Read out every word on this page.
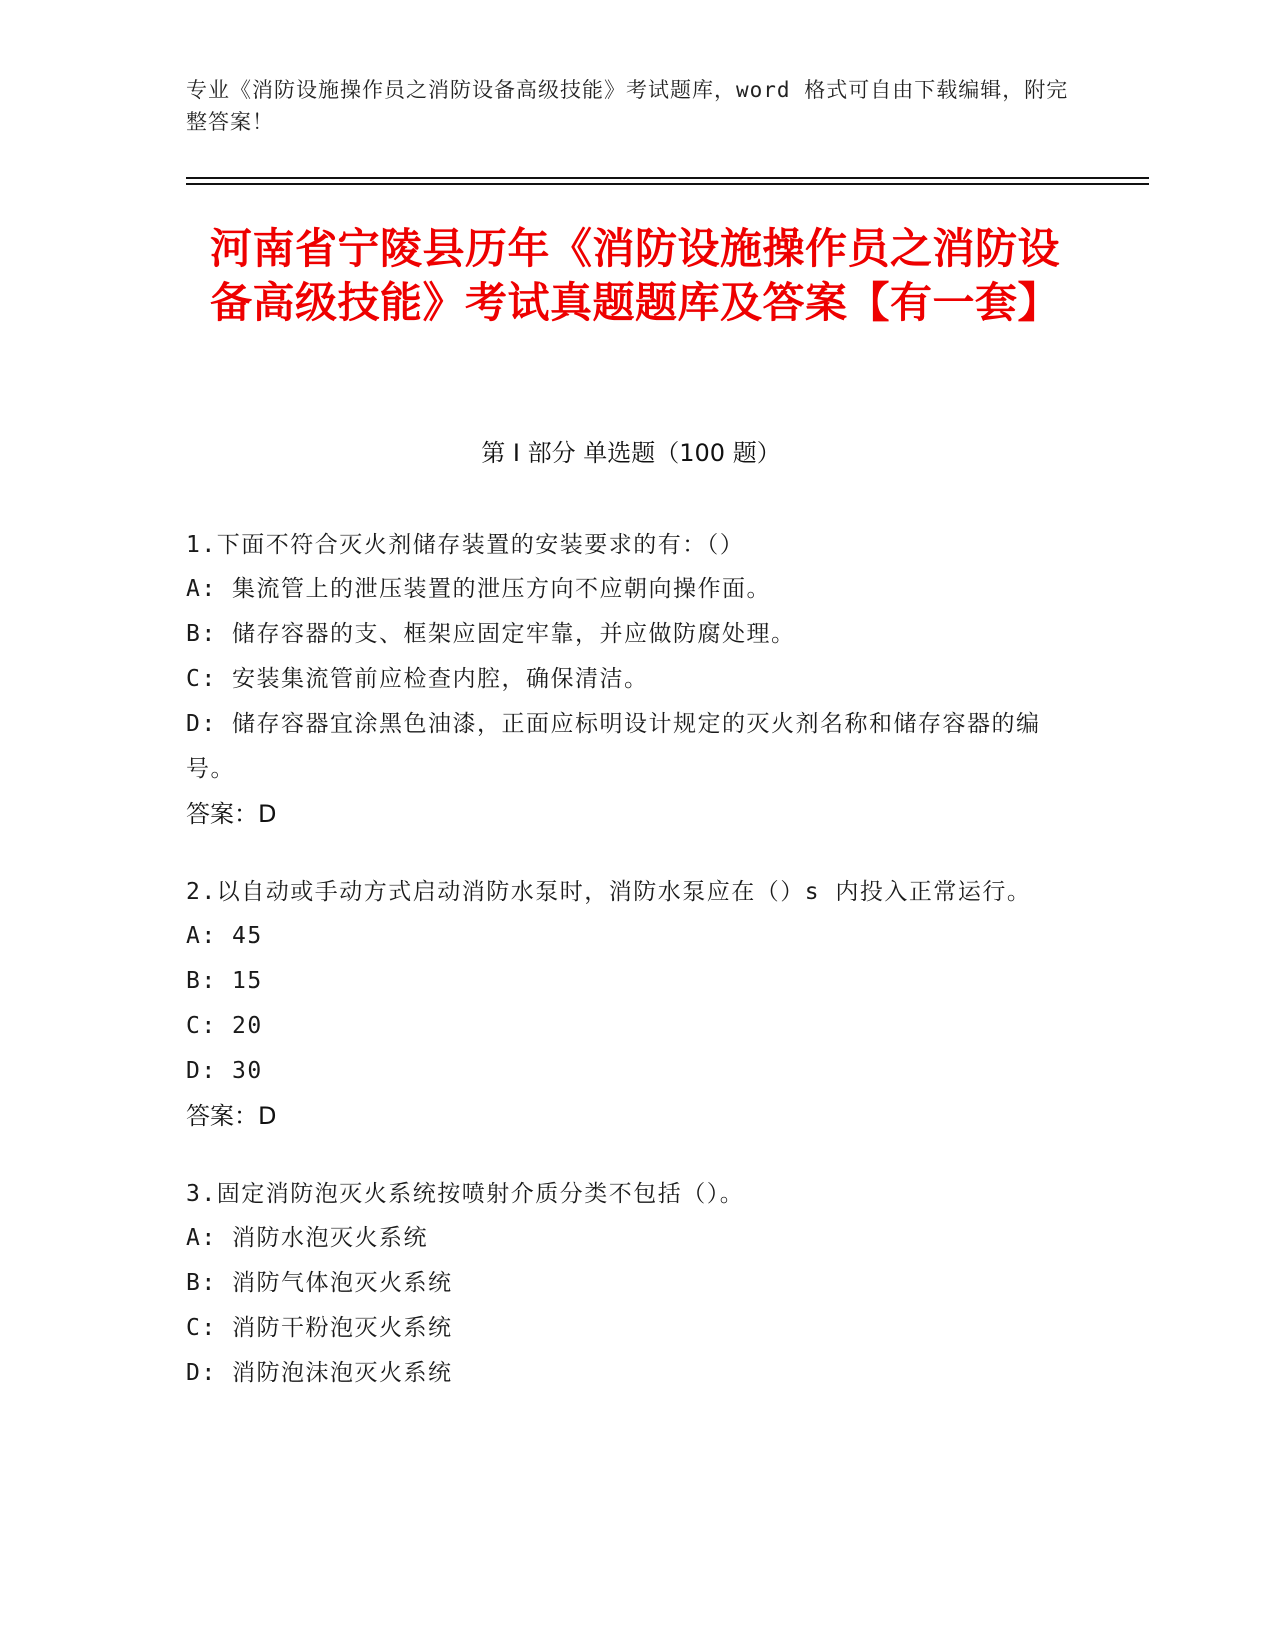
专业《消防设施操作员之消防设备高级技能》考试题库，word 格式可自由下载编辑，附完整答案！
河南省宁陵县历年《消防设施操作员之消防设备高级技能》考试真题题库及答案【有一套】
第 I 部分 单选题（100 题）

1.下面不符合灭火剂储存装置的安装要求的有：（）

A: 集流管上的泄压装置的泄压方向不应朝向操作面。

B: 储存容器的支、框架应固定牢靠，并应做防腐处理。

C: 安装集流管前应检查内腔，确保清洁。

D: 储存容器宜涂黑色油漆，正面应标明设计规定的灭火剂名称和储存容器的编号。

答案：D

2.以自动或手动方式启动消防水泵时，消防水泵应在（）s 内投入正常运行。

A: 45

B: 15

C: 20

D: 30

答案：D

3.固定消防泡灭火系统按喷射介质分类不包括（）。

A: 消防水泡灭火系统

B: 消防气体泡灭火系统

C: 消防干粉泡灭火系统

D: 消防泡沫泡灭火系统
